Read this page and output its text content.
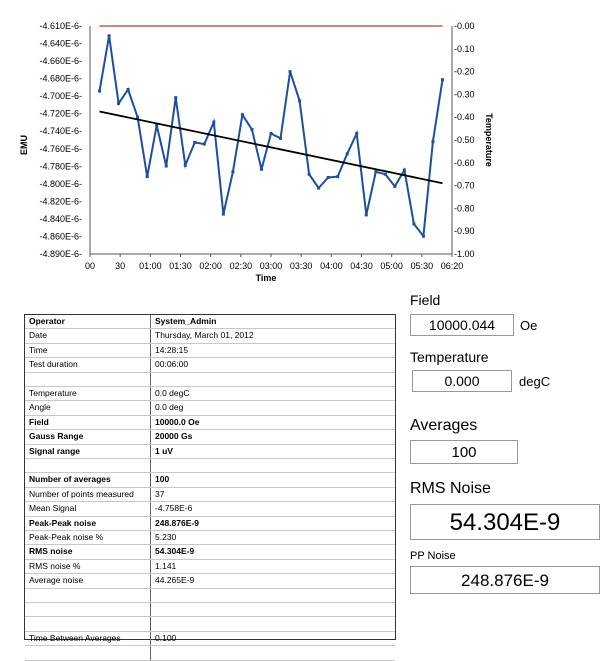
EMU	Temperature
Time
-4.610E-6-
-4.640E-6-
-4.660E-6-
-4.680E-6-
-4.700E-6-
-4.720E-6-
-4.740E-6-
-4.760E-6-
-4.780E-6-
-4.800E-6-
-4.820E-6-
-4.840E-6-
-4.860E-6-
-4.890E-6-
-0.00
-0.10
-0.20
-0.30
-0.40
-0.50
-0.60
-0.70
-0.80
-0.90
-1.00
00 30 01:00 01:30 02:00 02:30 03:00 03:30 04:00 04:30 05:00 05:30 06:20
Operator	System_Admin
Date	Thursday, March 01, 2012
Time	14:28:15
Test duration	00:06:00

Temperature	0.0 degC
Angle	0.0 deg
Field	10000.0 Oe
Gauss Range	20000 Gs
Signal range	1 uV

Number of averages	100
Number of points measured	37
Mean Signal	-4.758E-6
Peak-Peak noise	248.876E-9
Peak-Peak noise %	5.230
RMS noise	54.304E-9
RMS noise %	1.141
Average noise	44.265E-9

Time Between Averages	0.100

Field
10000.044	Oe
Temperature
0.000	degC
Averages
100
RMS Noise
54.304E-9
PP Noise
248.876E-9
